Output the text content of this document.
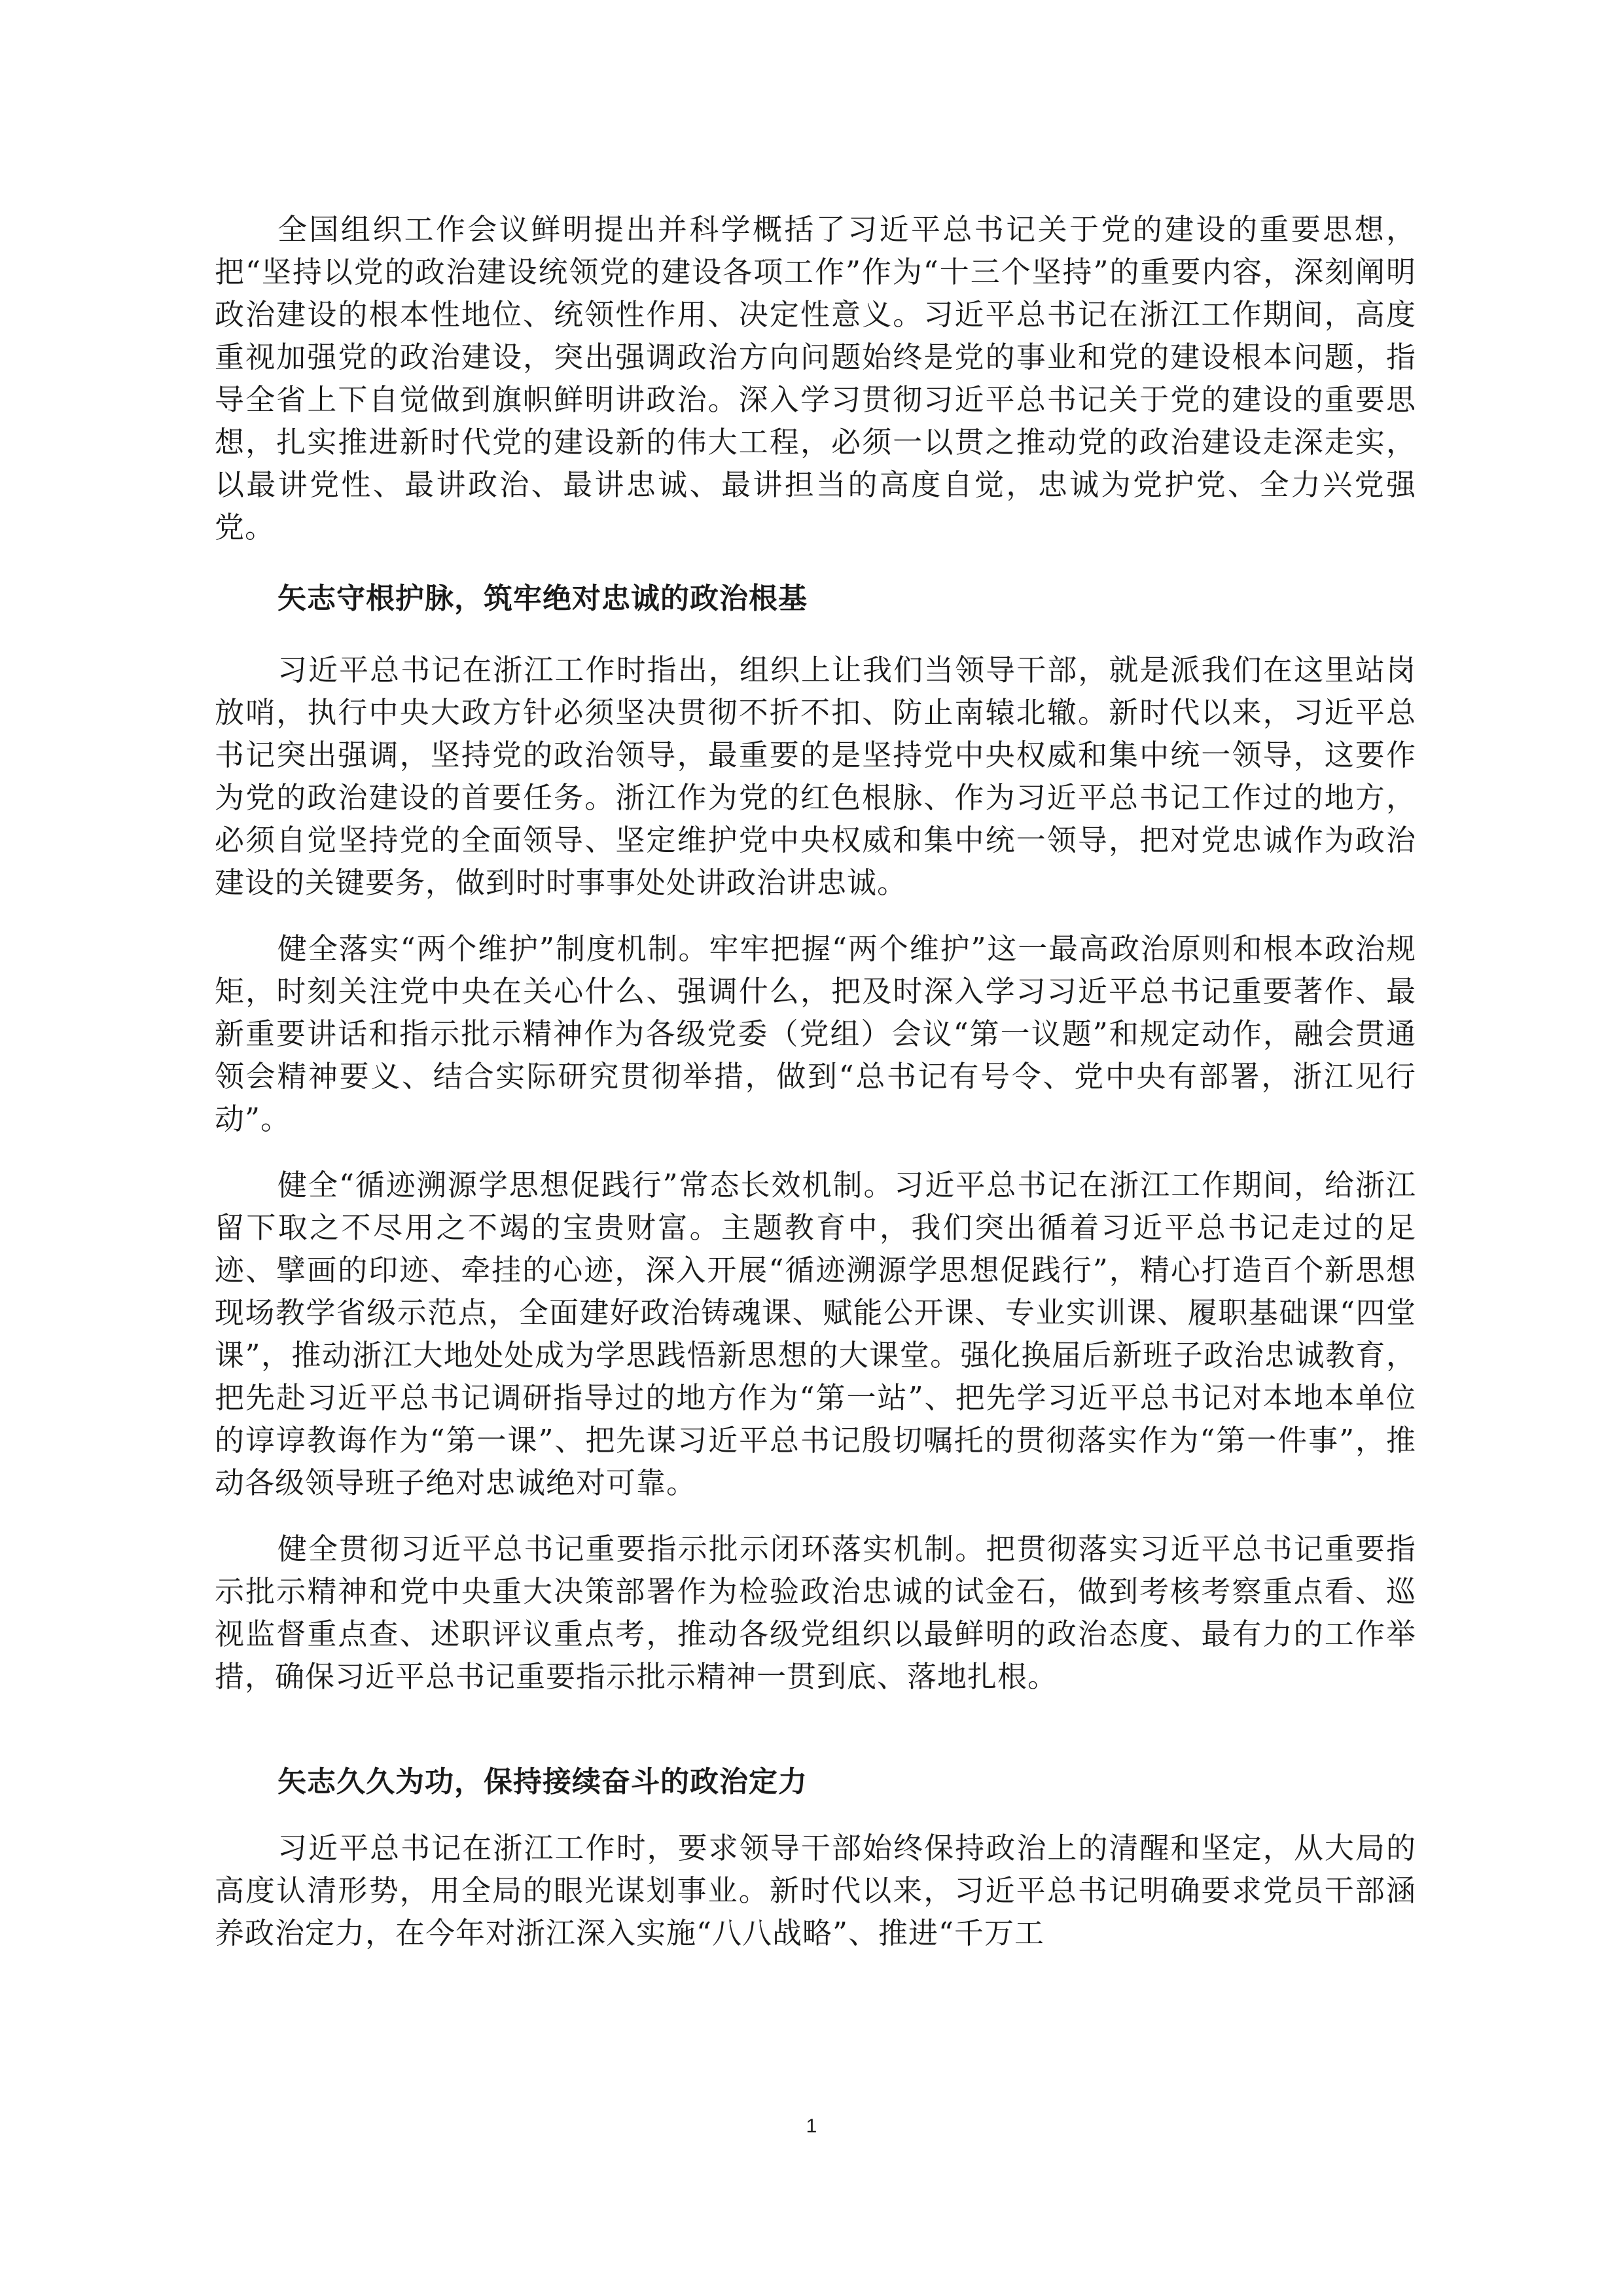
全国组织工作会议鲜明提出并科学概括了习近平总书记关于党的建设的重要思想，把“坚持以党的政治建设统领党的建设各项工作”作为“十三个坚持”的重要内容，深刻阐明政治建设的根本性地位、统领性作用、决定性意义。习近平总书记在浙江工作期间，高度重视加强党的政治建设，突出强调政治方向问题始终是党的事业和党的建设根本问题，指导全省上下自觉做到旗帜鲜明讲政治。深入学习贯彻习近平总书记关于党的建设的重要思想，扎实推进新时代党的建设新的伟大工程，必须一以贯之推动党的政治建设走深走实，以最讲党性、最讲政治、最讲忠诚、最讲担当的高度自觉，忠诚为党护党、全力兴党强党。

矢志守根护脉，筑牢绝对忠诚的政治根基

习近平总书记在浙江工作时指出，组织上让我们当领导干部，就是派我们在这里站岗放哨，执行中央大政方针必须坚决贯彻不折不扣、防止南辕北辙。新时代以来，习近平总书记突出强调，坚持党的政治领导，最重要的是坚持党中央权威和集中统一领导，这要作为党的政治建设的首要任务。浙江作为党的红色根脉、作为习近平总书记工作过的地方，必须自觉坚持党的全面领导、坚定维护党中央权威和集中统一领导，把对党忠诚作为政治建设的关键要务，做到时时事事处处讲政治讲忠诚。

健全落实“两个维护”制度机制。牢牢把握“两个维护”这一最高政治原则和根本政治规矩，时刻关注党中央在关心什么、强调什么，把及时深入学习习近平总书记重要著作、最新重要讲话和指示批示精神作为各级党委（党组）会议“第一议题”和规定动作，融会贯通领会精神要义、结合实际研究贯彻举措，做到“总书记有号令、党中央有部署，浙江见行动”。

健全“循迹溯源学思想促践行”常态长效机制。习近平总书记在浙江工作期间，给浙江留下取之不尽用之不竭的宝贵财富。主题教育中，我们突出循着习近平总书记走过的足迹、擘画的印迹、牵挂的心迹，深入开展“循迹溯源学思想促践行”，精心打造百个新思想现场教学省级示范点，全面建好政治铸魂课、赋能公开课、专业实训课、履职基础课“四堂课”，推动浙江大地处处成为学思践悟新思想的大课堂。强化换届后新班子政治忠诚教育，把先赴习近平总书记调研指导过的地方作为“第一站”、把先学习近平总书记对本地本单位的谆谆教诲作为“第一课”、把先谋习近平总书记殷切嘱托的贯彻落实作为“第一件事”，推动各级领导班子绝对忠诚绝对可靠。

健全贯彻习近平总书记重要指示批示闭环落实机制。把贯彻落实习近平总书记重要指示批示精神和党中央重大决策部署作为检验政治忠诚的试金石，做到考核考察重点看、巡视监督重点查、述职评议重点考，推动各级党组织以最鲜明的政治态度、最有力的工作举措，确保习近平总书记重要指示批示精神一贯到底、落地扎根。

矢志久久为功，保持接续奋斗的政治定力

习近平总书记在浙江工作时，要求领导干部始终保持政治上的清醒和坚定，从大局的高度认清形势，用全局的眼光谋划事业。新时代以来，习近平总书记明确要求党员干部涵养政治定力，在今年对浙江深入实施“八八战略”、推进“千万工

1
